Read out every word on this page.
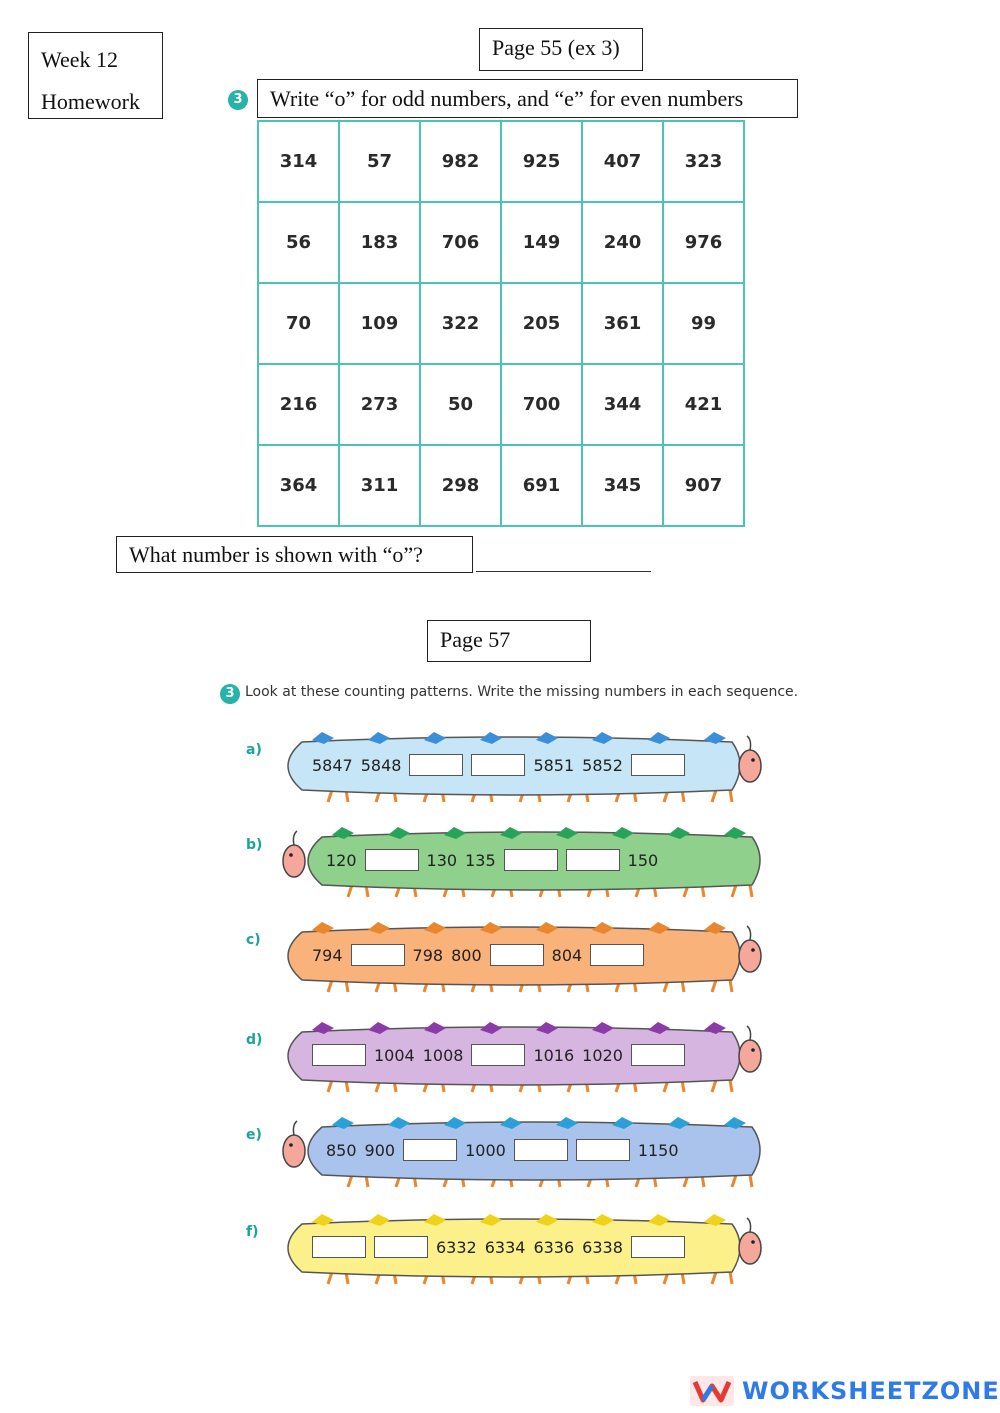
Week 12
Homework
Page 55 (ex 3)
3	Write “o” for odd numbers, and “e” for even numbers
314	57	982	925	407	323
56	183	706	149	240	976
70	109	322	205	361	99
216	273	50	700	344	421
364	311	298	691	345	907
What number is shown with “o”?
Page 57
3 Look at these counting patterns. Write the missing numbers in each sequence.
a)
5847 5848	5851 5852
b)
120	130 135	150
c)
794	798 800	804
d)
1004 1008	1016 1020
e)
850 900	1000	1150
f)
6332 6334 6336 6338
WORKSHEETZONE
